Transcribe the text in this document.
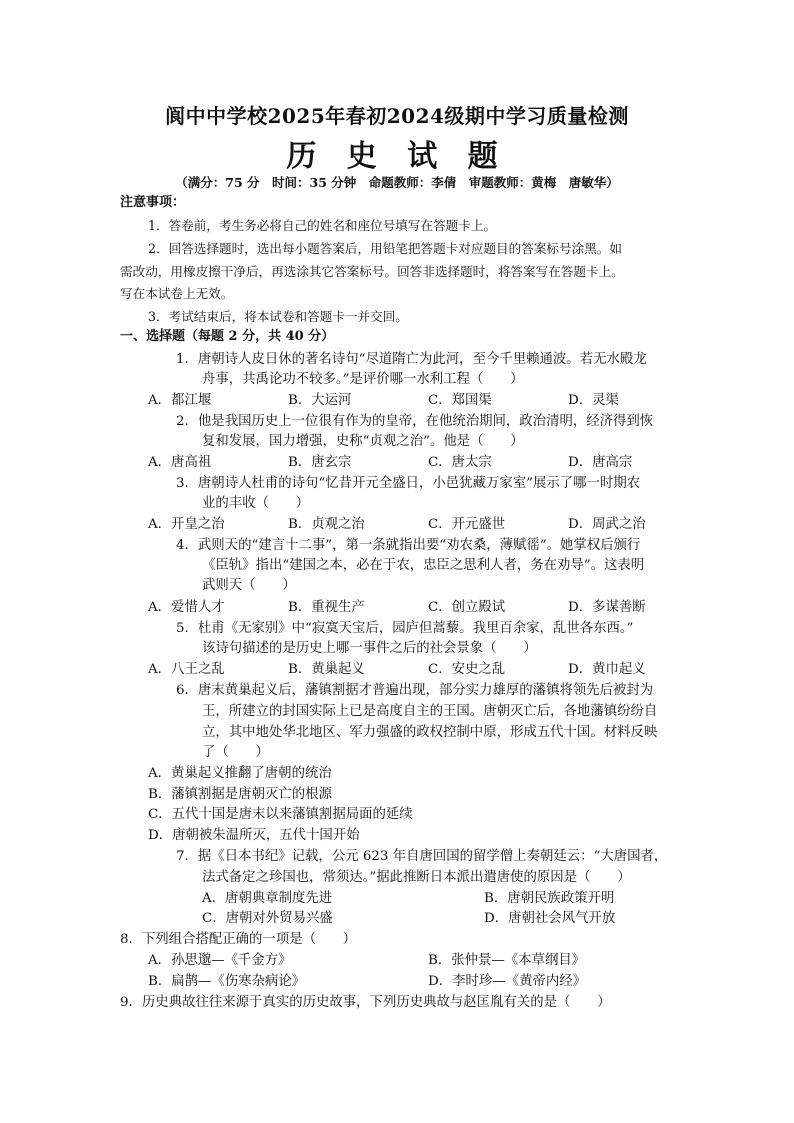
阆中中学校2025年春初2024级期中学习质量检测
历 史 试 题
（满分：75 分　时间：35 分钟　命题教师：李倩　审题教师：黄梅　唐敏华）
注意事项：
1．答卷前，考生务必将自己的姓名和座位号填写在答题卡上。
2．回答选择题时，选出每小题答案后，用铅笔把答题卡对应题目的答案标号涂黑。如
需改动，用橡皮擦干净后，再选涂其它答案标号。回答非选择题时，将答案写在答题卡上。
写在本试卷上无效。
3．考试结束后，将本试卷和答题卡一并交回。
一、选择题（每题 2 分，共 40 分）
1．唐朝诗人皮日休的著名诗句“尽道隋亡为此河，至今千里赖通波。若无水殿龙
舟事，共禹论功不较多。”是评价哪一水利工程（　　）
A．都江堰	B．大运河	C．郑国渠	D．灵渠
2．他是我国历史上一位很有作为的皇帝，在他统治期间，政治清明，经济得到恢
复和发展，国力增强，史称“贞观之治”。他是（　　）
A．唐高祖	B．唐玄宗	C．唐太宗	D．唐高宗
3．唐朝诗人杜甫的诗句“忆昔开元全盛日，小邑犹藏万家室”展示了哪一时期农
业的丰收（　　）
A．开皇之治	B．贞观之治	C．开元盛世	D．周武之治
4．武则天的“建言十二事”，第一条就指出要“劝农桑，薄赋徭”。她掌权后颁行
《臣轨》指出“建国之本，必在于农，忠臣之思利人者，务在劝导”。这表明
武则天（　　）
A．爱惜人才	B．重视生产	C．创立殿试	D．多谋善断
5．杜甫《无家别》中“寂寞天宝后，园庐但蒿藜。我里百余家，乱世各东西。”
该诗句描述的是历史上哪一事件之后的社会景象（　　）
A．八王之乱	B．黄巢起义	C．安史之乱	D．黄巾起义
6．唐末黄巢起义后，藩镇割据才普遍出现，部分实力雄厚的藩镇将领先后被封为
王，所建立的封国实际上已是高度自主的王国。唐朝灭亡后，各地藩镇纷纷自
立，其中地处华北地区、军力强盛的政权控制中原，形成五代十国。材料反映
了（　　）
A．黄巢起义推翻了唐朝的统治
B．藩镇割据是唐朝灭亡的根源
C．五代十国是唐末以来藩镇割据局面的延续
D．唐朝被朱温所灭，五代十国开始
7．据《日本书纪》记载，公元 623 年自唐回国的留学僧上奏朝廷云：“大唐国者，
法式备定之珍国也，常须达。”据此推断日本派出遣唐使的原因是（　　）
A．唐朝典章制度先进	B．唐朝民族政策开明
C．唐朝对外贸易兴盛	D．唐朝社会风气开放
8．下列组合搭配正确的一项是（　　）
A．孙思邈—《千金方》	B．张仲景—《本草纲目》
B．扁鹊—《伤寒杂病论》	D．李时珍—《黄帝内经》
9．历史典故往往来源于真实的历史故事，下列历史典故与赵匡胤有关的是（　　）
